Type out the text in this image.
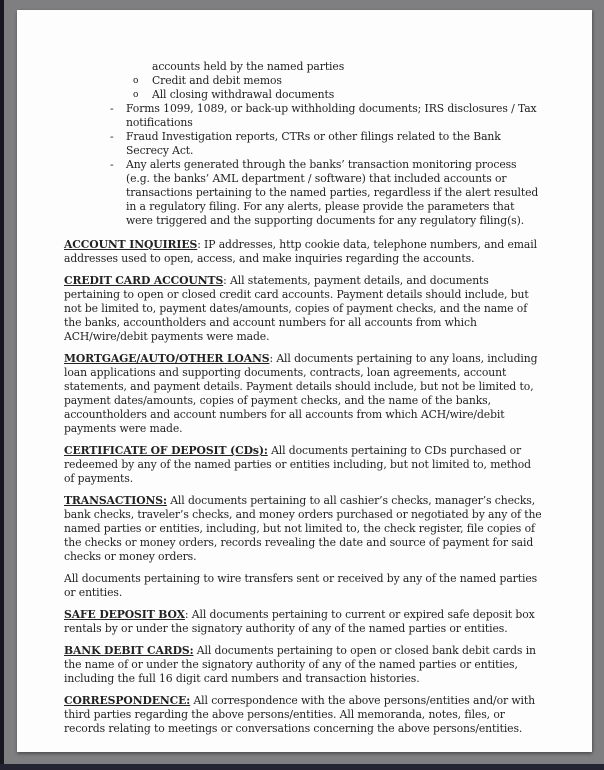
accounts held by the named parties
o Credit and debit memos
o All closing withdrawal documents
- Forms 1099, 1089, or back-up withholding documents; IRS disclosures / Tax notifications
- Fraud Investigation reports, CTRs or other filings related to the Bank Secrecy Act.
- Any alerts generated through the banks’ transaction monitoring process (e.g. the banks’ AML department / software) that included accounts or transactions pertaining to the named parties, regardless if the alert resulted in a regulatory filing. For any alerts, please provide the parameters that were triggered and the supporting documents for any regulatory filing(s).

ACCOUNT INQUIRIES: IP addresses, http cookie data, telephone numbers, and email addresses used to open, access, and make inquiries regarding the accounts.

CREDIT CARD ACCOUNTS: All statements, payment details, and documents pertaining to open or closed credit card accounts. Payment details should include, but not be limited to, payment dates/amounts, copies of payment checks, and the name of the banks, accountholders and account numbers for all accounts from which ACH/wire/debit payments were made.

MORTGAGE/AUTO/OTHER LOANS: All documents pertaining to any loans, including loan applications and supporting documents, contracts, loan agreements, account statements, and payment details. Payment details should include, but not be limited to, payment dates/amounts, copies of payment checks, and the name of the banks, accountholders and account numbers for all accounts from which ACH/wire/debit payments were made.

CERTIFICATE OF DEPOSIT (CDs): All documents pertaining to CDs purchased or redeemed by any of the named parties or entities including, but not limited to, method of payments.

TRANSACTIONS: All documents pertaining to all cashier’s checks, manager’s checks, bank checks, traveler’s checks, and money orders purchased or negotiated by any of the named parties or entities, including, but not limited to, the check register, file copies of the checks or money orders, records revealing the date and source of payment for said checks or money orders.

All documents pertaining to wire transfers sent or received by any of the named parties or entities.

SAFE DEPOSIT BOX: All documents pertaining to current or expired safe deposit box rentals by or under the signatory authority of any of the named parties or entities.

BANK DEBIT CARDS: All documents pertaining to open or closed bank debit cards in the name of or under the signatory authority of any of the named parties or entities, including the full 16 digit card numbers and transaction histories.

CORRESPONDENCE: All correspondence with the above persons/entities and/or with third parties regarding the above persons/entities. All memoranda, notes, files, or records relating to meetings or conversations concerning the above persons/entities.
